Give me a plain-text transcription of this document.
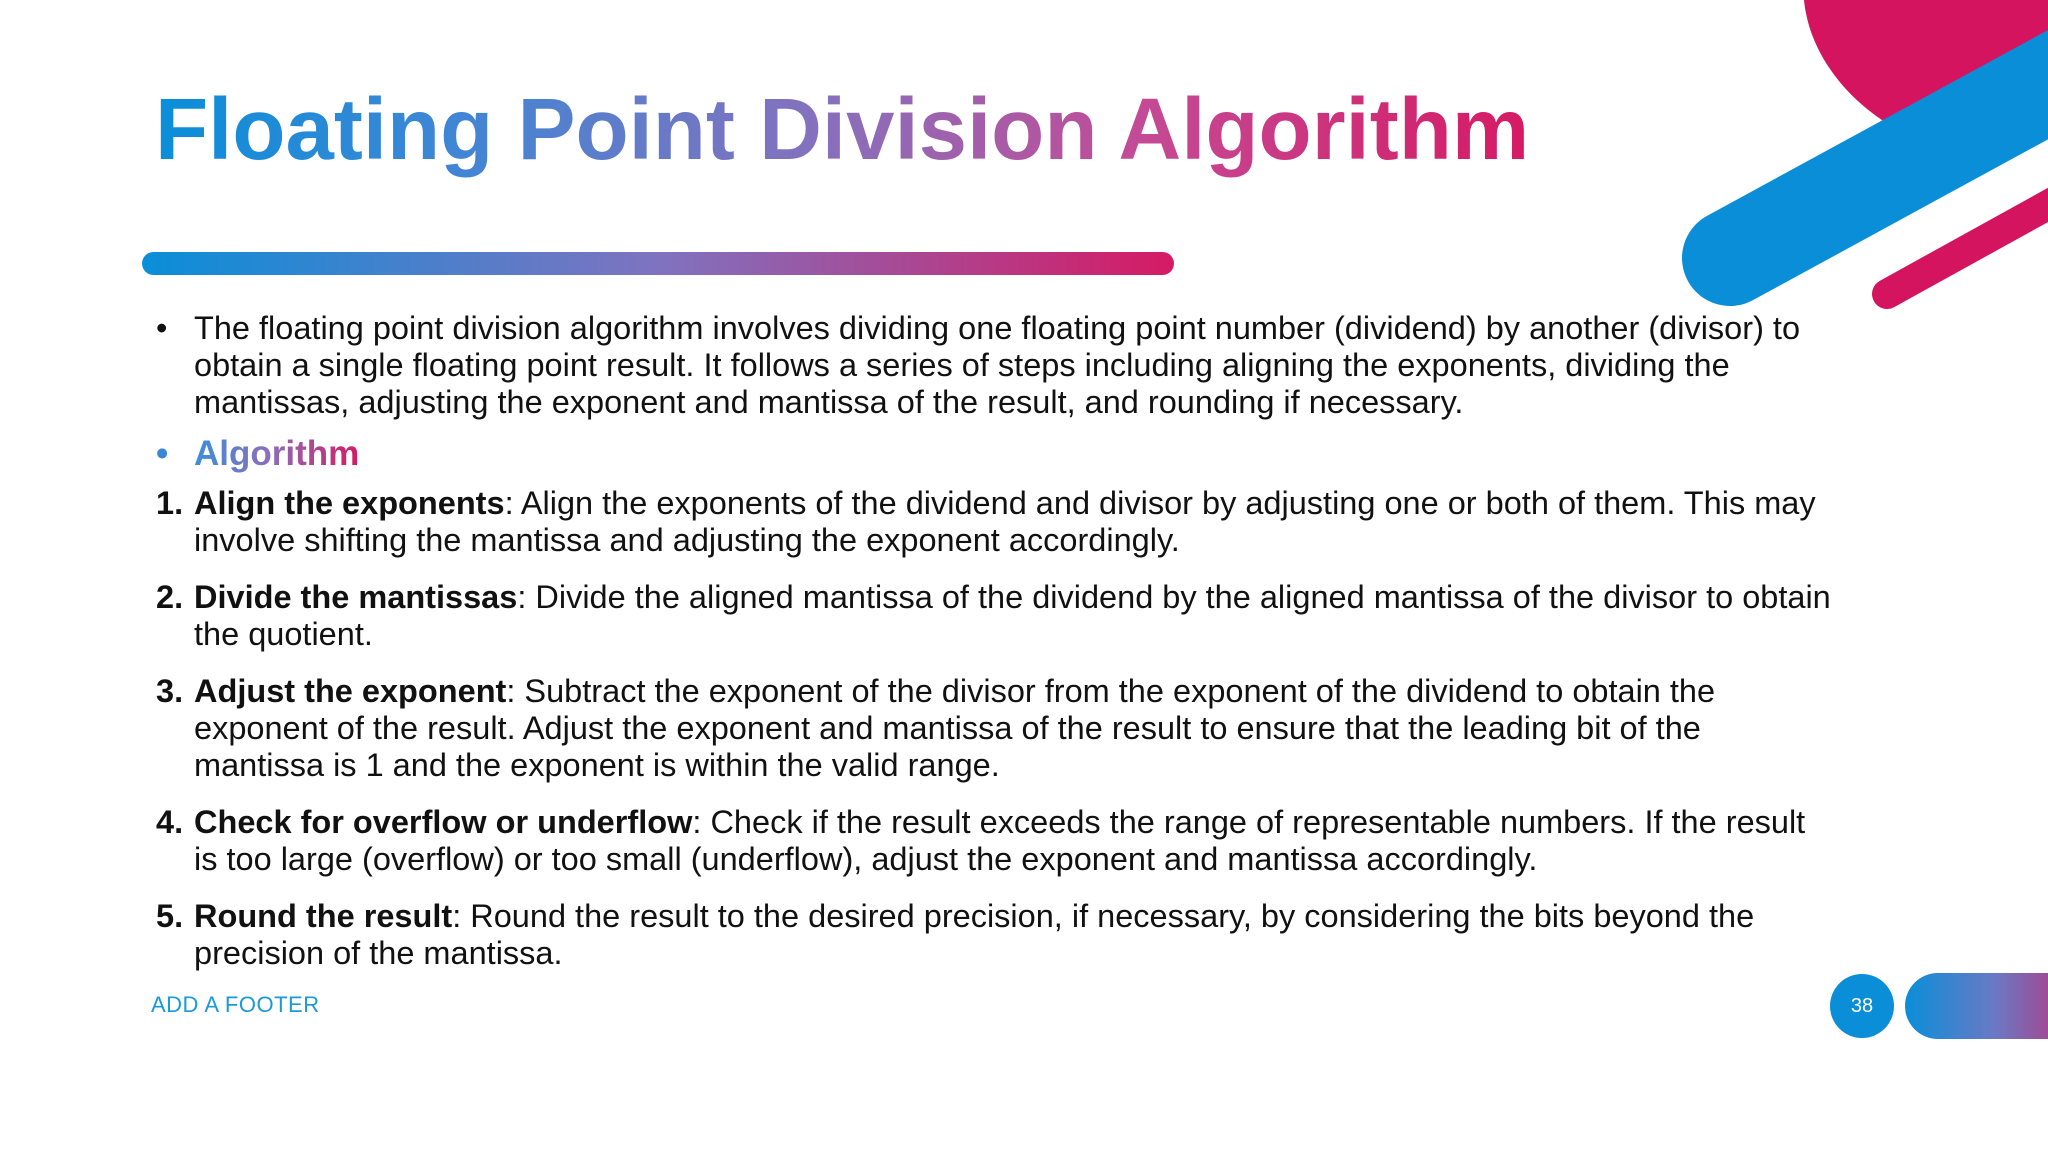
Floating Point Division Algorithm
• The floating point division algorithm involves dividing one floating point number (dividend) by another (divisor) to obtain a single floating point result. It follows a series of steps including aligning the exponents, dividing the mantissas, adjusting the exponent and mantissa of the result, and rounding if necessary.
• Algorithm
1. Align the exponents: Align the exponents of the dividend and divisor by adjusting one or both of them. This may involve shifting the mantissa and adjusting the exponent accordingly.
2. Divide the mantissas: Divide the aligned mantissa of the dividend by the aligned mantissa of the divisor to obtain the quotient.
3. Adjust the exponent: Subtract the exponent of the divisor from the exponent of the dividend to obtain the exponent of the result. Adjust the exponent and mantissa of the result to ensure that the leading bit of the mantissa is 1 and the exponent is within the valid range.
4. Check for overflow or underflow: Check if the result exceeds the range of representable numbers. If the result is too large (overflow) or too small (underflow), adjust the exponent and mantissa accordingly.
5. Round the result: Round the result to the desired precision, if necessary, by considering the bits beyond the precision of the mantissa.
ADD A FOOTER	38
